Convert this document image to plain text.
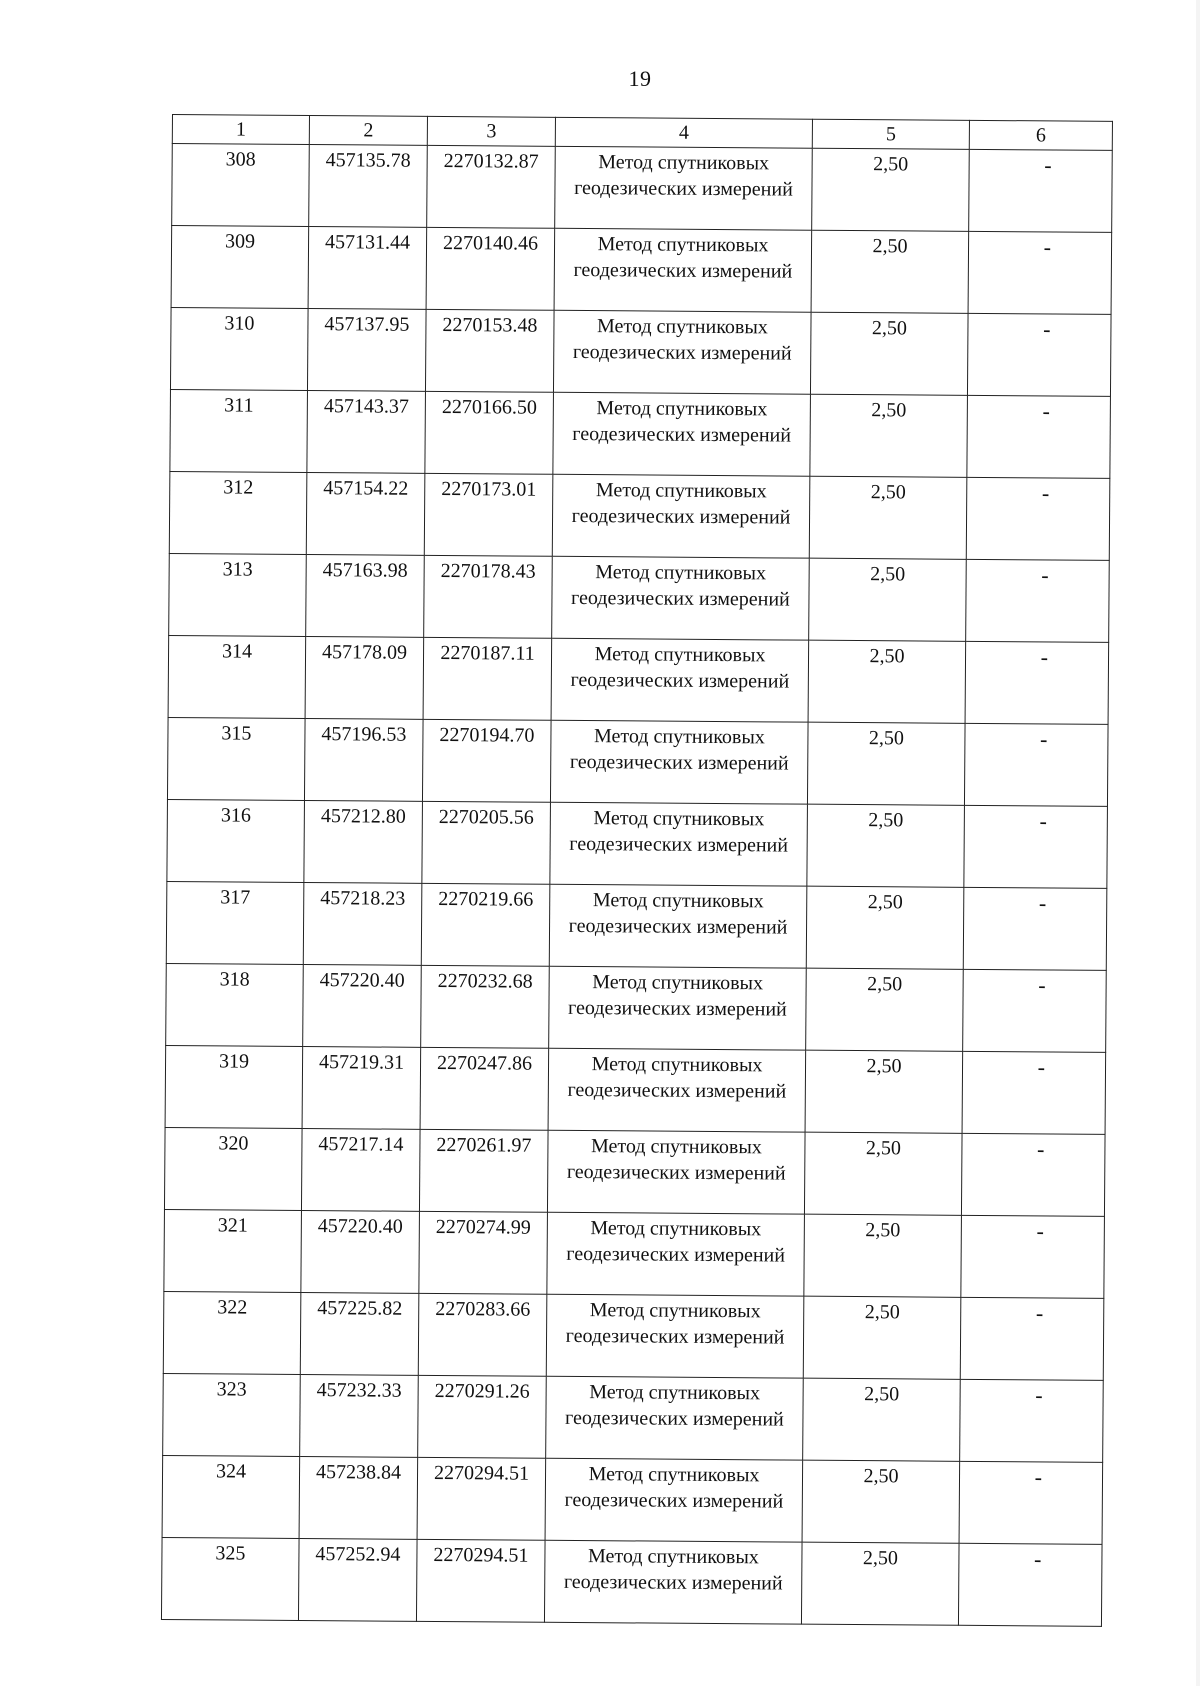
19
1	2	3	4	5	6
308	457135.78	2270132.87	Метод спутниковых геодезических измерений	2,50	-
309	457131.44	2270140.46	Метод спутниковых геодезических измерений	2,50	-
310	457137.95	2270153.48	Метод спутниковых геодезических измерений	2,50	-
311	457143.37	2270166.50	Метод спутниковых геодезических измерений	2,50	-
312	457154.22	2270173.01	Метод спутниковых геодезических измерений	2,50	-
313	457163.98	2270178.43	Метод спутниковых геодезических измерений	2,50	-
314	457178.09	2270187.11	Метод спутниковых геодезических измерений	2,50	-
315	457196.53	2270194.70	Метод спутниковых геодезических измерений	2,50	-
316	457212.80	2270205.56	Метод спутниковых геодезических измерений	2,50	-
317	457218.23	2270219.66	Метод спутниковых геодезических измерений	2,50	-
318	457220.40	2270232.68	Метод спутниковых геодезических измерений	2,50	-
319	457219.31	2270247.86	Метод спутниковых геодезических измерений	2,50	-
320	457217.14	2270261.97	Метод спутниковых геодезических измерений	2,50	-
321	457220.40	2270274.99	Метод спутниковых геодезических измерений	2,50	-
322	457225.82	2270283.66	Метод спутниковых геодезических измерений	2,50	-
323	457232.33	2270291.26	Метод спутниковых геодезических измерений	2,50	-
324	457238.84	2270294.51	Метод спутниковых геодезических измерений	2,50	-
325	457252.94	2270294.51	Метод спутниковых геодезических измерений	2,50	-
